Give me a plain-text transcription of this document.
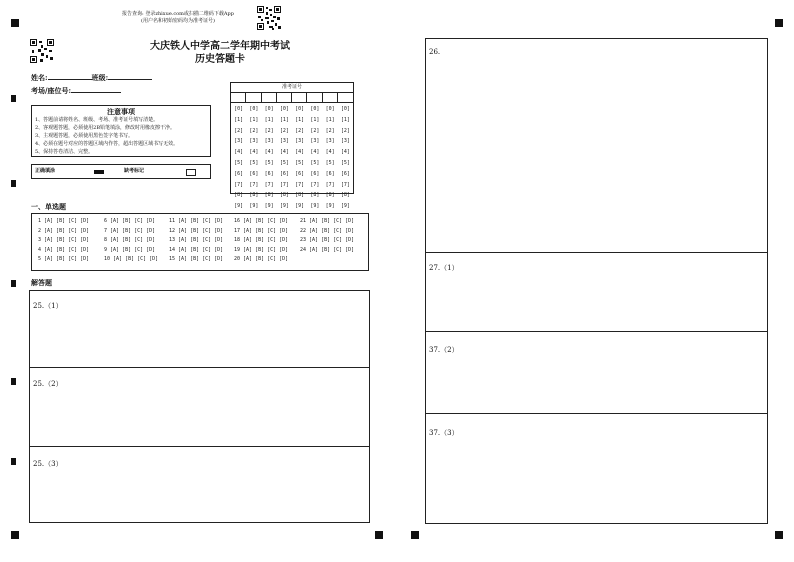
报告查询: 登录zhixue.com或扫描二维码下载App
(用户名和初始密码均为准考证号)
大庆铁人中学高二学年期中考试
历史答题卡
姓名:	班级:
考场/座位号:	准考证号
[0]	[0]	[0]	[0]	[0]	[0]	[0]	[0]
[1]	[1]	[1]	[1]	[1]	[1]	[1]	[1]
[2]	[2]	[2]	[2]	[2]	[2]	[2]	[2]
[3]	[3]	[3]	[3]	[3]	[3]	[3]	[3]
[4]	[4]	[4]	[4]	[4]	[4]	[4]	[4]
[5]	[5]	[5]	[5]	[5]	[5]	[5]	[5]
[6]	[6]	[6]	[6]	[6]	[6]	[6]	[6]
[7]	[7]	[7]	[7]	[7]	[7]	[7]	[7]
[8]	[8]	[8]	[8]	[8]	[8]	[8]	[8]
[9]	[9]	[9]	[9]	[9]	[9]	[9]	[9]
注意事项
1、答题前请将姓名、班级、考场、准考证号填写清楚。
2、客观题答题，必须使用2B铅笔填涂，修改时用橡皮擦干净。
3、主观题答题，必须使用黑色签字笔书写。
4、必须在题号对应的答题区域内作答，超出答题区域书写无效。
5、保持答卷清洁、完整。
正确填涂	缺考标记
一、单选题
1 [A] [B] [C] [D]	6 [A] [B] [C] [D]	11 [A] [B] [C] [D] 16 [A] [B] [C] [D] 21 [A] [B] [C] [D]
2 [A] [B] [C] [D]	7 [A] [B] [C] [D]	12 [A] [B] [C] [D] 17 [A] [B] [C] [D] 22 [A] [B] [C] [D]
3 [A] [B] [C] [D]	8 [A] [B] [C] [D]	13 [A] [B] [C] [D] 18 [A] [B] [C] [D] 23 [A] [B] [C] [D]
4 [A] [B] [C] [D]	9 [A] [B] [C] [D]	14 [A] [B] [C] [D] 19 [A] [B] [C] [D] 24 [A] [B] [C] [D]
5 [A] [B] [C] [D]	10 [A] [B] [C] [D] 15 [A] [B] [C] [D] 20 [A] [B] [C] [D]
解答题
25.（1）
25.（2）
25.（3）
26.
27.（1）
37.（2）
37.（3）
